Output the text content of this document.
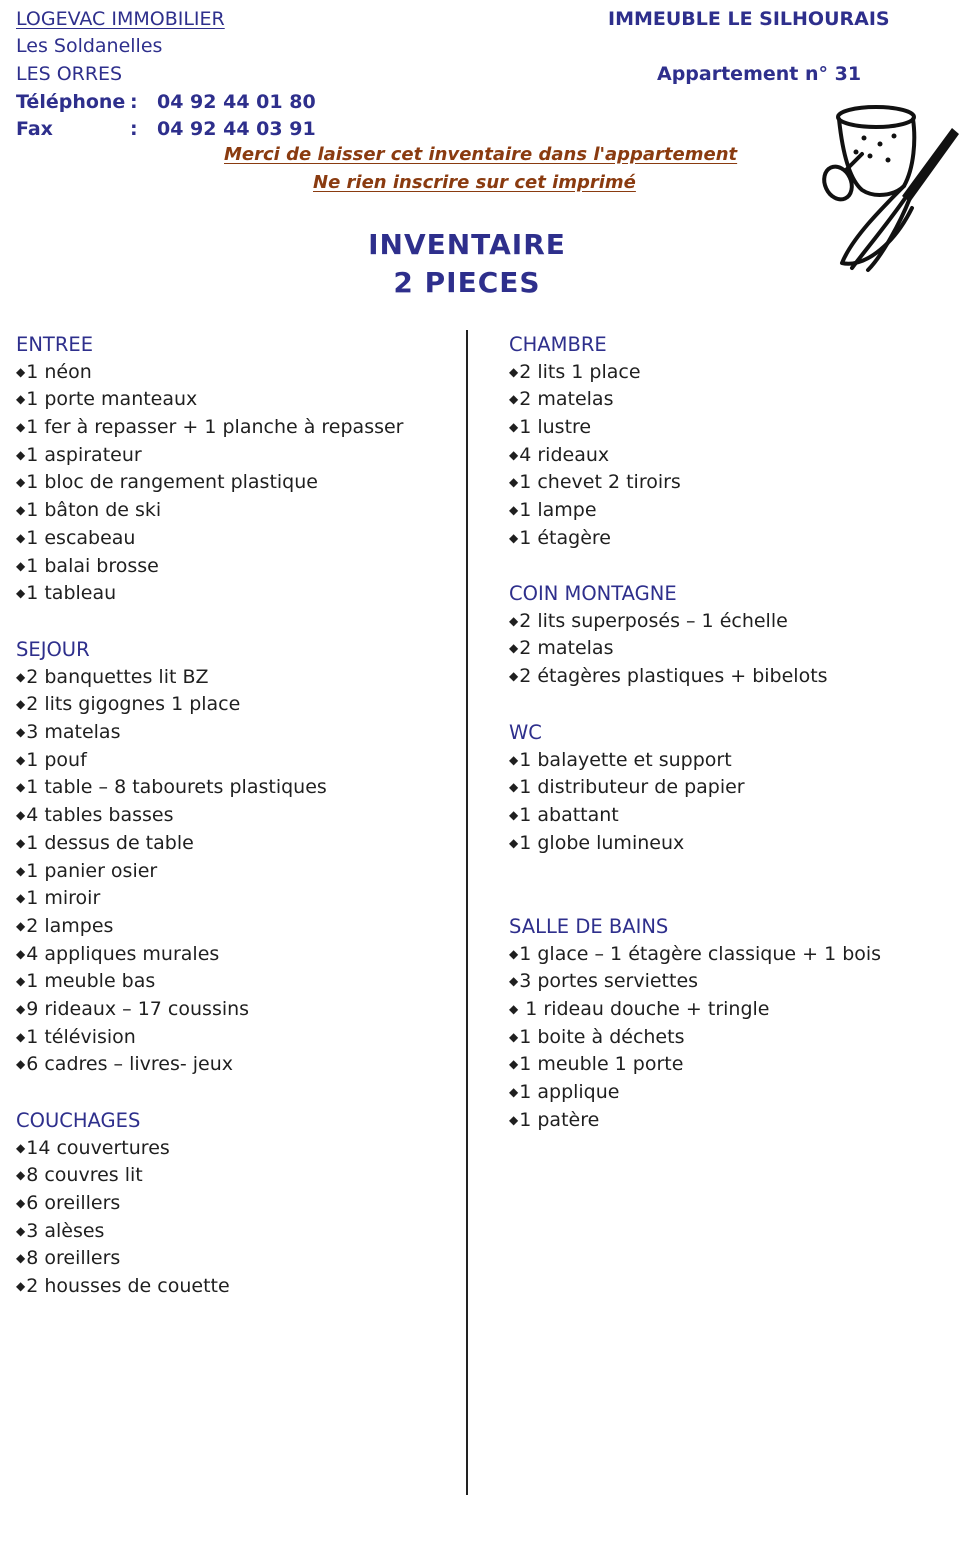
LOGEVAC IMMOBILIER
Les Soldanelles
LES ORRES
Téléphone : 04 92 44 01 80
Fax	: 04 92 44 03 91
IMMEUBLE LE SILHOURAIS
Appartement n° 31
Merci de laisser cet inventaire dans l'appartement
Ne rien inscrire sur cet imprimé
INVENTAIRE
2 PIECES
ENTREE
◆1 néon
◆1 porte manteaux
◆1 fer à repasser + 1 planche à repasser
◆1 aspirateur
◆1 bloc de rangement plastique
◆1 bâton de ski
◆1 escabeau
◆1 balai brosse
◆1 tableau
SEJOUR
◆2 banquettes lit BZ
◆2 lits gigognes 1 place
◆3 matelas
◆1 pouf
◆1 table – 8 tabourets plastiques
◆4 tables basses
◆1 dessus de table
◆1 panier osier
◆1 miroir
◆2 lampes
◆4 appliques murales
◆1 meuble bas
◆9 rideaux – 17 coussins
◆1 télévision
◆6 cadres – livres- jeux
COUCHAGES
◆14 couvertures
◆8 couvres lit
◆6 oreillers
◆3 alèses
◆8 oreillers
◆2 housses de couette
CHAMBRE
◆2 lits 1 place
◆2 matelas
◆1 lustre
◆4 rideaux
◆1 chevet 2 tiroirs
◆1 lampe
◆1 étagère
COIN MONTAGNE
◆2 lits superposés – 1 échelle
◆2 matelas
◆2 étagères plastiques + bibelots
WC
◆1 balayette et support
◆1 distributeur de papier
◆1 abattant
◆1 globe lumineux
SALLE DE BAINS
◆1 glace – 1 étagère classique + 1 bois
◆3 portes serviettes
◆ 1 rideau douche + tringle
◆1 boite à déchets
◆1 meuble 1 porte
◆1 applique
◆1 patère
